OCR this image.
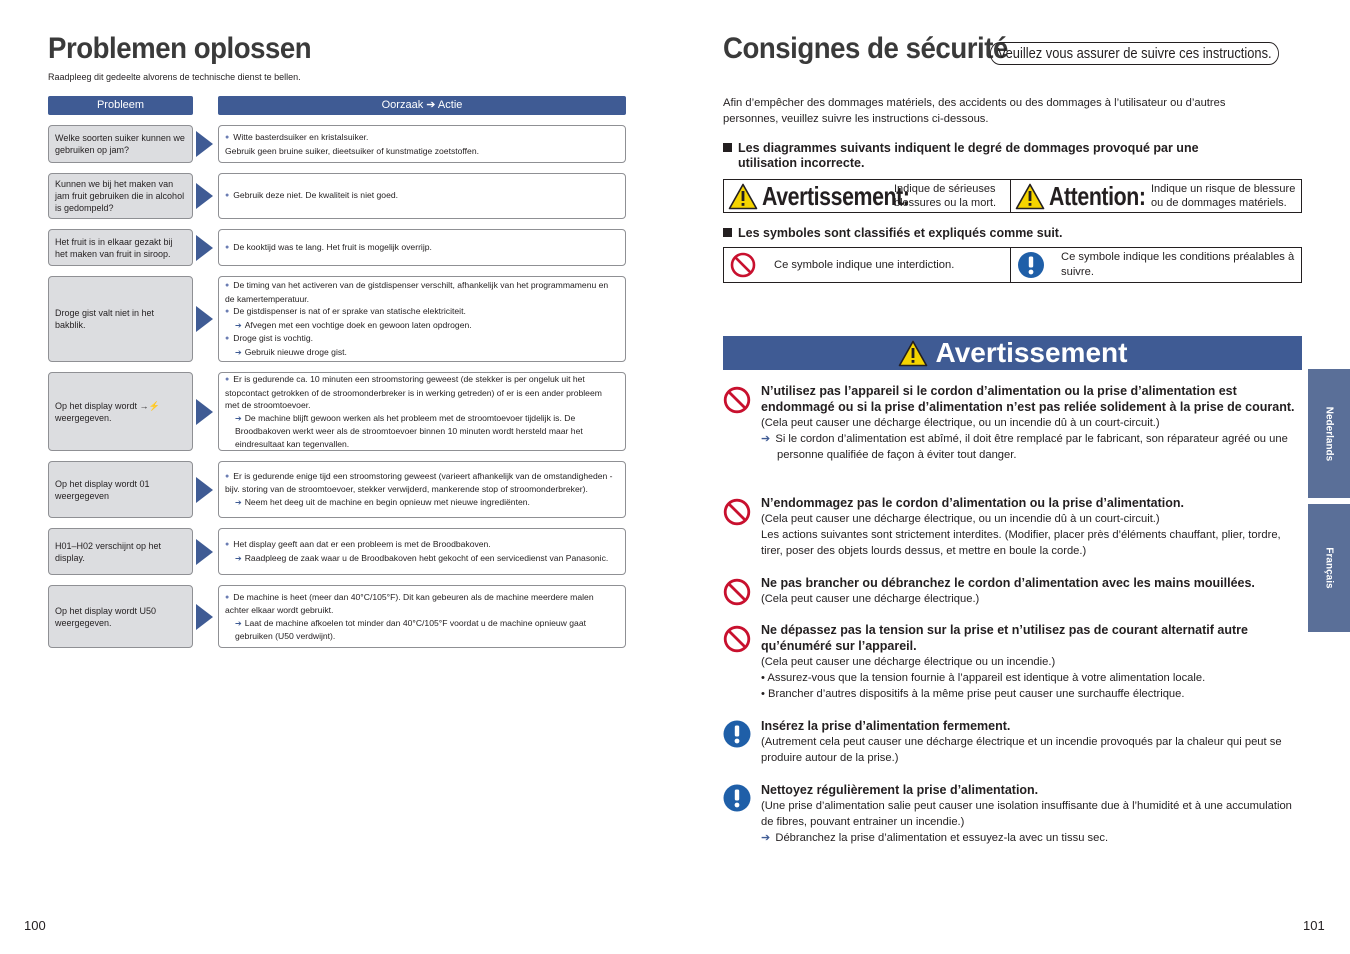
Problemen oplossen
Raadpleeg dit gedeelte alvorens de technische dienst te bellen.
Probleem	Oorzaak ➔ Actie
Welke soorten suiker kunnen we gebruiken op jam?
● Witte basterdsuiker en kristalsuiker.
Gebruik geen bruine suiker, dieetsuiker of kunstmatige zoetstoffen.
Kunnen we bij het maken van jam fruit gebruiken die in alcohol is gedompeld?
● Gebruik deze niet. De kwaliteit is niet goed.
Het fruit is in elkaar gezakt bij het maken van fruit in siroop.
● De kooktijd was te lang. Het fruit is mogelijk overrijp.
Droge gist valt niet in het bakblik.
● De timing van het activeren van de gistdispenser verschilt, afhankelijk van het programmamenu en de kamertemperatuur.
● De gistdispenser is nat of er sprake van statische elektriciteit.
➔ Afvegen met een vochtige doek en gewoon laten opdrogen.
● Droge gist is vochtig.
➔ Gebruik nieuwe droge gist.
Op het display wordt →⚡ weergegeven.
● Er is gedurende ca. 10 minuten een stroomstoring geweest (de stekker is per ongeluk uit het stopcontact getrokken of de stroomonderbreker is in werking getreden) of er is een ander probleem met de stroomtoevoer.
➔ De machine blijft gewoon werken als het probleem met de stroomtoevoer tijdelijk is. De Broodbakoven werkt weer als de stroomtoevoer binnen 10 minuten wordt hersteld maar het eindresultaat kan tegenvallen.
Op het display wordt 01 weergegeven
● Er is gedurende enige tijd een stroomstoring geweest (varieert afhankelijk van de omstandigheden - bijv. storing van de stroomtoevoer, stekker verwijderd, mankerende stop of stroomonderbreker).
➔ Neem het deeg uit de machine en begin opnieuw met nieuwe ingrediënten.
H01–H02 verschijnt op het display.
● Het display geeft aan dat er een probleem is met de Broodbakoven.
➔ Raadpleeg de zaak waar u de Broodbakoven hebt gekocht of een servicedienst van Panasonic.
Op het display wordt U50 weergegeven.
● De machine is heet (meer dan 40°C/105°F). Dit kan gebeuren als de machine meerdere malen achter elkaar wordt gebruikt.
➔ Laat de machine afkoelen tot minder dan 40°C/105°F voordat u de machine opnieuw gaat gebruiken (U50 verdwijnt).
100
Consignes de sécurité
Veuillez vous assurer de suivre ces instructions.
Afin d’empêcher des dommages matériels, des accidents ou des dommages à l’utilisateur ou d’autres personnes, veuillez suivre les instructions ci-dessous.
Les diagrammes suivants indiquent le degré de dommages provoqué par une
utilisation incorrecte.
Avertissement:
Indique de sérieuses blessures ou la mort.	Attention: Indique un risque de blessure ou de dommages matériels.
Les symboles sont classifiés et expliqués comme suit.
Ce symbole indique une interdiction.
Ce symbole indique les conditions préalables à suivre.
Avertissement
N’utilisez pas l’appareil si le cordon d’alimentation ou la prise d’alimentation est endommagé ou si la prise d’alimentation n’est pas reliée solidement à la prise de courant.
(Cela peut causer une décharge électrique, ou un incendie dû à un court-circuit.)
➔ Si le cordon d’alimentation est abîmé, il doit être remplacé par le fabricant, son réparateur agréé ou une personne qualifiée de façon à éviter tout danger.
N’endommagez pas le cordon d’alimentation ou la prise d’alimentation.
(Cela peut causer une décharge électrique, ou un incendie dû à un court-circuit.)
Les actions suivantes sont strictement interdites. (Modifier, placer près d’éléments chauffant, plier, tordre, tirer, poser des objets lourds dessus, et mettre en boule la corde.)
Ne pas brancher ou débranchez le cordon d’alimentation avec les mains mouillées.
(Cela peut causer une décharge électrique.)
Ne dépassez pas la tension sur la prise et n’utilisez pas de courant alternatif autre qu’énuméré sur l’appareil.
(Cela peut causer une décharge électrique ou un incendie.)
• Assurez-vous que la tension fournie à l’appareil est identique à votre alimentation locale.
• Brancher d’autres dispositifs à la même prise peut causer une surchauffe électrique.
Insérez la prise d’alimentation fermement.
(Autrement cela peut causer une décharge électrique et un incendie provoqués par la chaleur qui peut se produire autour de la prise.)
Nettoyez régulièrement la prise d’alimentation.
(Une prise d’alimentation salie peut causer une isolation insuffisante due à l’humidité et à une accumulation de fibres, pouvant entrainer un incendie.)
➔ Débranchez la prise d’alimentation et essuyez-la avec un tissu sec.
Nederlands
Français
101
